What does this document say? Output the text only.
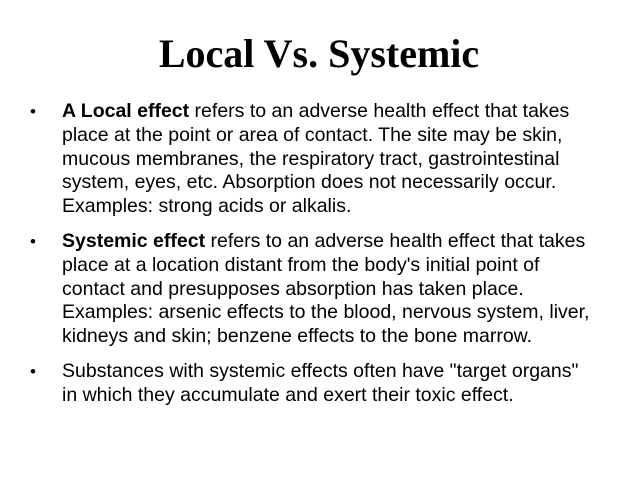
Local Vs. Systemic
•	A Local effect refers to an adverse health effect that takes place at the point or area of contact. The site may be skin, mucous membranes, the respiratory tract, gastrointestinal system, eyes, etc. Absorption does not necessarily occur. Examples: strong acids or alkalis.
•	Systemic effect refers to an adverse health effect that takes place at a location distant from the body's initial point of contact and presupposes absorption has taken place. Examples: arsenic effects to the blood, nervous system, liver, kidneys and skin; benzene effects to the bone marrow.
•	Substances with systemic effects often have "target organs" in which they accumulate and exert their toxic effect.
